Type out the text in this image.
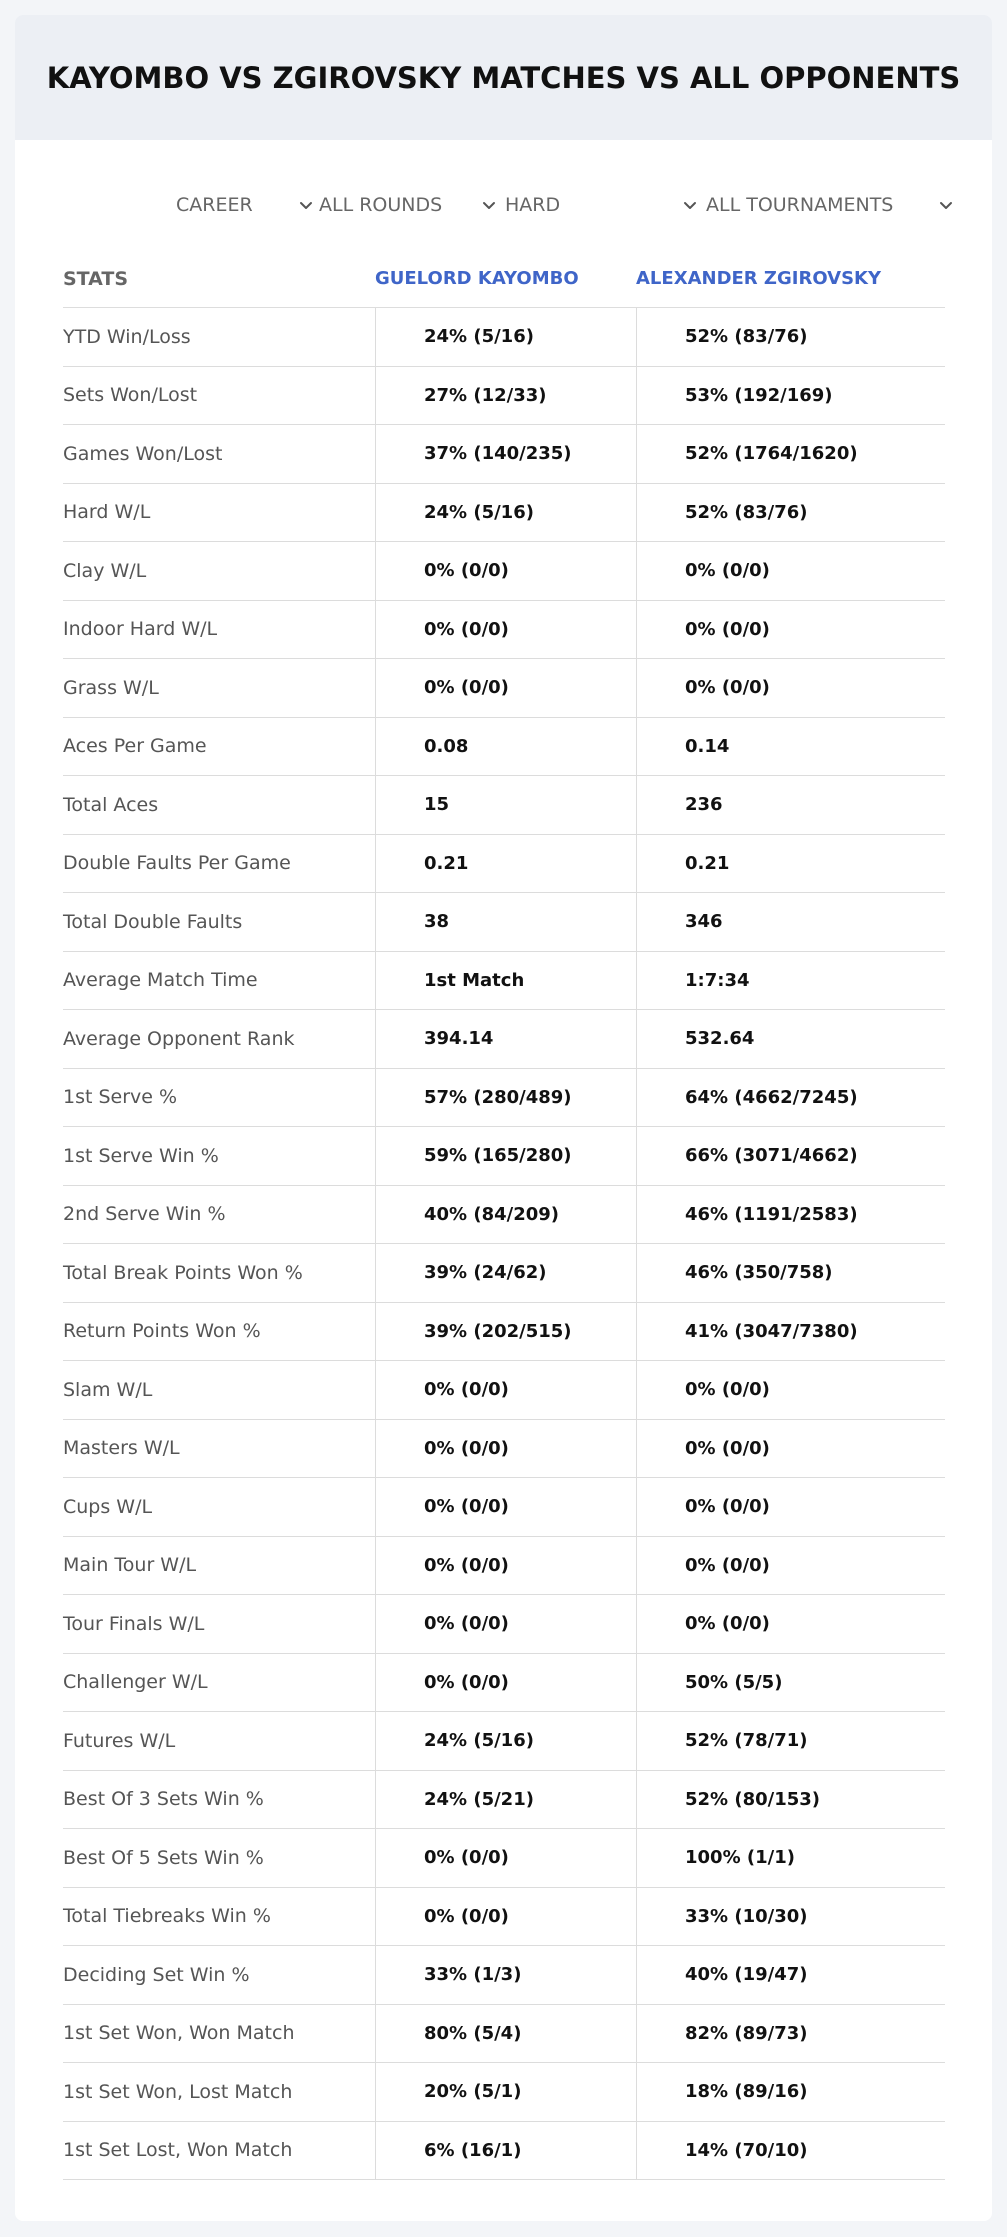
KAYOMBO VS ZGIROVSKY MATCHES VS ALL OPPONENTS
CAREER	ALL ROUNDS	HARD	ALL TOURNAMENTS
STATS	GUELORD KAYOMBO	ALEXANDER ZGIROVSKY
YTD Win/Loss	24% (5/16)	52% (83/76)
Sets Won/Lost	27% (12/33)	53% (192/169)
Games Won/Lost	37% (140/235)	52% (1764/1620)
Hard W/L	24% (5/16)	52% (83/76)
Clay W/L	0% (0/0)	0% (0/0)
Indoor Hard W/L	0% (0/0)	0% (0/0)
Grass W/L	0% (0/0)	0% (0/0)
Aces Per Game	0.08	0.14
Total Aces	15	236
Double Faults Per Game	0.21	0.21
Total Double Faults	38	346
Average Match Time	1st Match	1:7:34
Average Opponent Rank	394.14	532.64
1st Serve %	57% (280/489)	64% (4662/7245)
1st Serve Win %	59% (165/280)	66% (3071/4662)
2nd Serve Win %	40% (84/209)	46% (1191/2583)
Total Break Points Won %	39% (24/62)	46% (350/758)
Return Points Won %	39% (202/515)	41% (3047/7380)
Slam W/L	0% (0/0)	0% (0/0)
Masters W/L	0% (0/0)	0% (0/0)
Cups W/L	0% (0/0)	0% (0/0)
Main Tour W/L	0% (0/0)	0% (0/0)
Tour Finals W/L	0% (0/0)	0% (0/0)
Challenger W/L	0% (0/0)	50% (5/5)
Futures W/L	24% (5/16)	52% (78/71)
Best Of 3 Sets Win %	24% (5/21)	52% (80/153)
Best Of 5 Sets Win %	0% (0/0)	100% (1/1)
Total Tiebreaks Win %	0% (0/0)	33% (10/30)
Deciding Set Win %	33% (1/3)	40% (19/47)
1st Set Won, Won Match	80% (5/4)	82% (89/73)
1st Set Won, Lost Match	20% (5/1)	18% (89/16)
1st Set Lost, Won Match	6% (16/1)	14% (70/10)
